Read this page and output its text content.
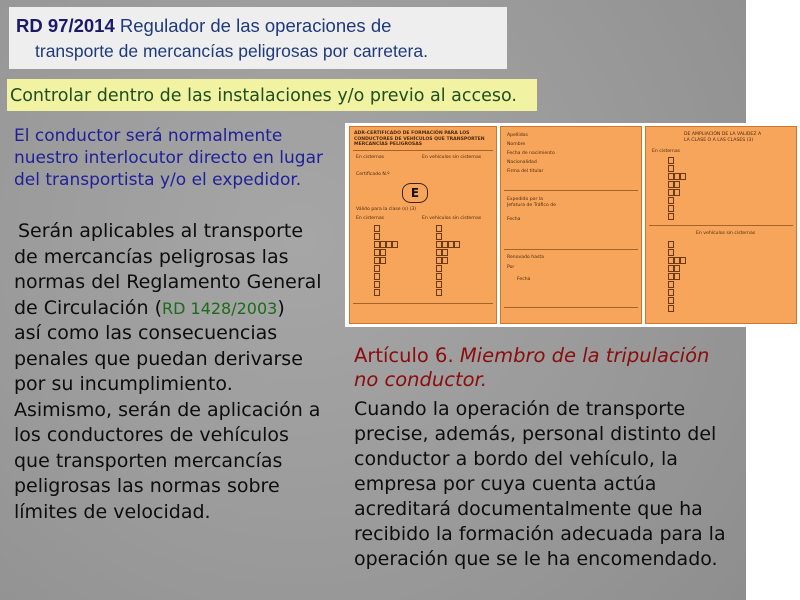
RD 97/2014 Regulador de las operaciones de
transporte de mercancías peligrosas por carretera.
Controlar dentro de las instalaciones y/o previo al acceso.
El conductor será normalmente
nuestro interlocutor directo en lugar
del transportista y/o el expedidor.
Serán aplicables al transporte
de mercancías peligrosas las
normas del Reglamento General
de Circulación (RD 1428/2003)
así como las consecuencias
penales que puedan derivarse
por su incumplimiento.
Asimismo, serán de aplicación a
los conductores de vehículos
que transporten mercancías
peligrosas las normas sobre
límites de velocidad.
ADR-CERTIFICADO DE FORMACIÓN PARA LOS
CONDUCTORES DE VEHÍCULOS QUE TRANSPORTEN
MERCANCÍAS PELIGROSAS
En cisternas	En vehículos sin cisternas
Certificado N.º
E
Válido para la clase (s) (3)
En cisternas	En vehículos sin cisternas
Apellidos
Nombre
Fecha de nacimiento
Nacionalidad
Firma del titular
Expedido por la
Jefatura de Tráfico de
Fecha
Renovado hasta
Por
Fecha
DE AMPLIACIÓN DE LA VALIDEZ A
LA CLASE O A LAS CLASES (3)
En cisternas
En vehículos sin cisternas
Artículo 6. Miembro de la tripulación
no conductor.
Cuando la operación de transporte
precise, además, personal distinto del
conductor a bordo del vehículo, la
empresa por cuya cuenta actúa
acreditará documentalmente que ha
recibido la formación adecuada para la
operación que se le ha encomendado.
